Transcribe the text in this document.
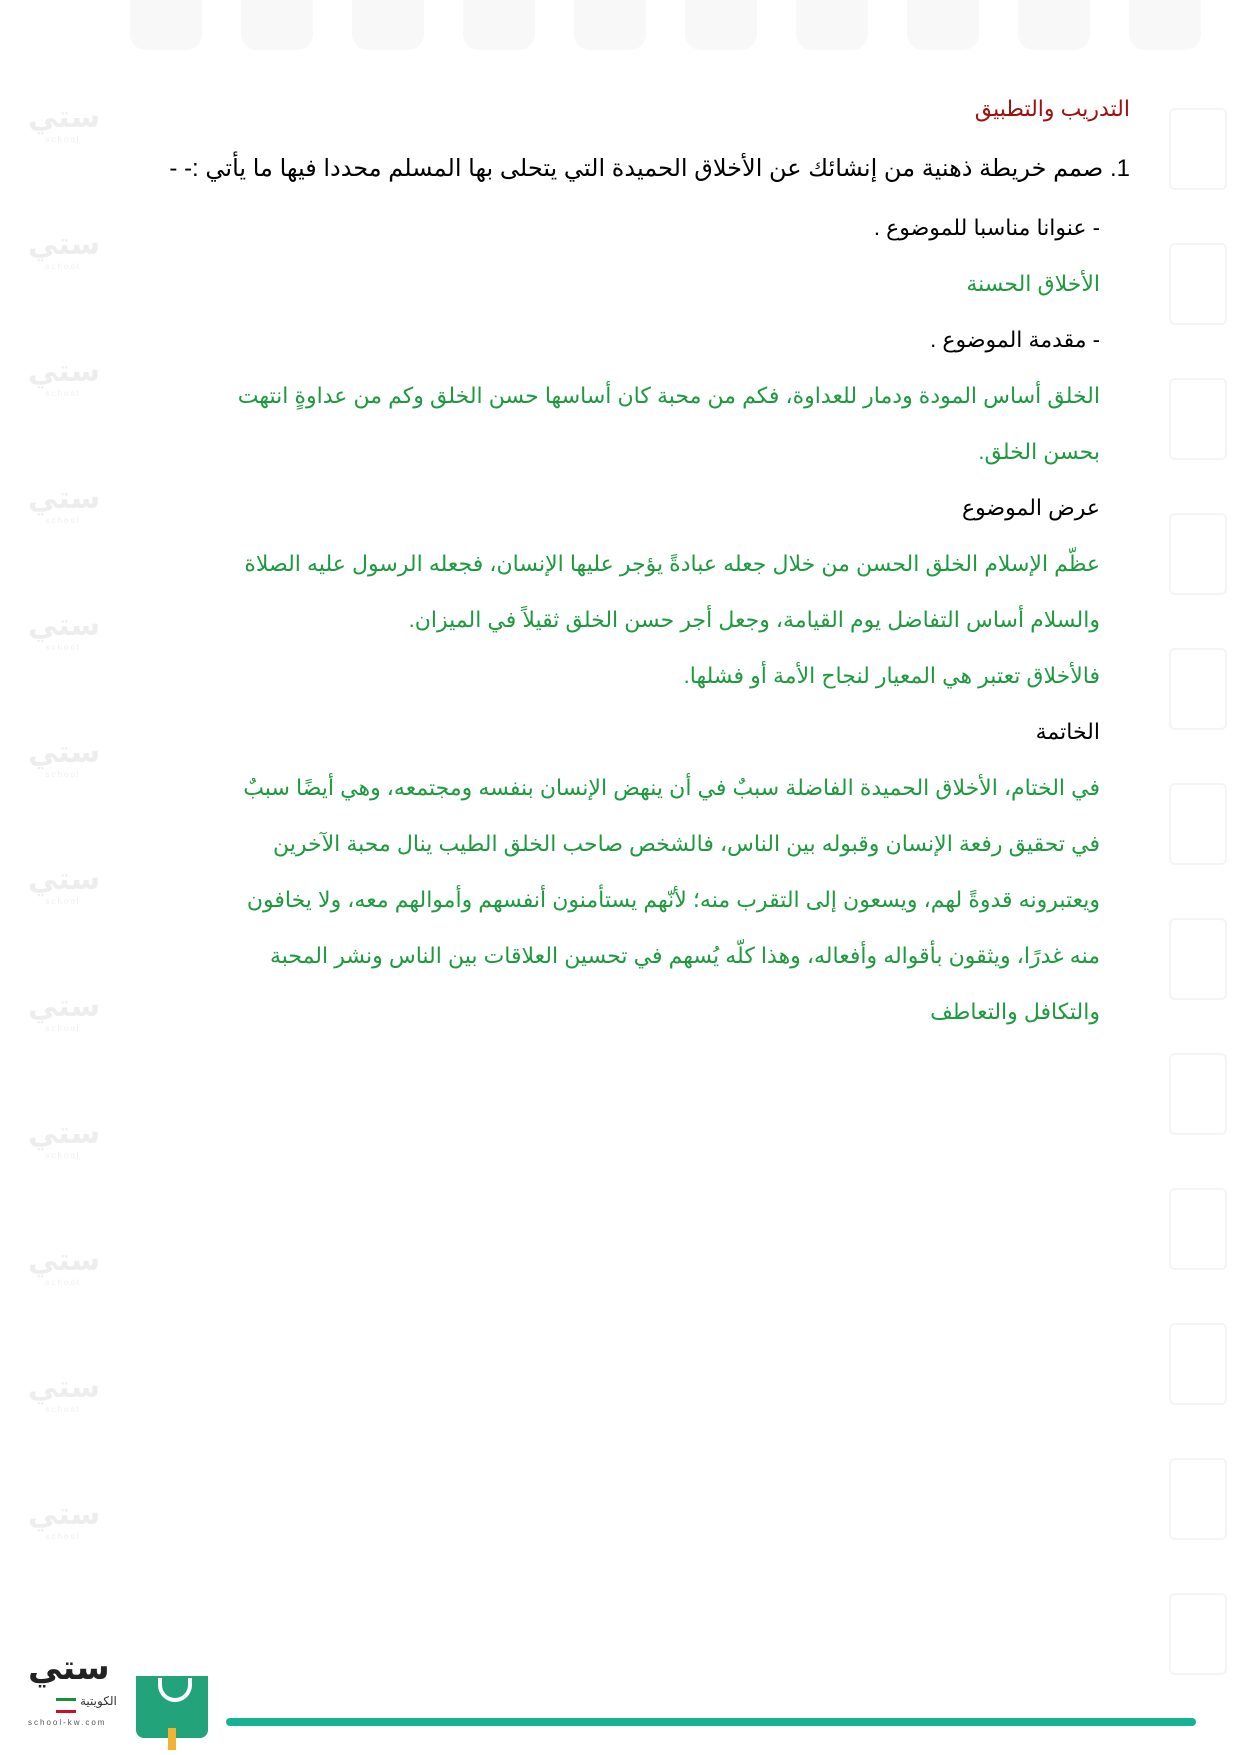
ستي
school
ستي
school
ستي
school
ستي
school
ستي
school
ستي
school
ستي
school
ستي
school
ستي
school
ستي
school
ستي
school
ستي
school
التدريب والتطبيق
1. صمم خريطة ذهنية من إنشائك عن الأخلاق الحميدة التي يتحلى بها المسلم محددا فيها ما يأتي :- -
- عنوانا مناسبا للموضوع .
الأخلاق الحسنة
- مقدمة الموضوع .
الخلق أساس المودة ودمار للعداوة، فكم من محبة كان أساسها حسن الخلق وكم من عداوةٍ انتهت
بحسن الخلق.
عرض الموضوع
عظّم الإسلام الخلق الحسن من خلال جعله عبادةً يؤجر عليها الإنسان، فجعله الرسول عليه الصلاة
والسلام أساس التفاضل يوم القيامة، وجعل أجر حسن الخلق ثقيلاً في الميزان.
فالأخلاق تعتبر هي المعيار لنجاح الأمة أو فشلها.
الخاتمة
في الختام، الأخلاق الحميدة الفاضلة سببٌ في أن ينهض الإنسان بنفسه ومجتمعه، وهي أيضًا سببٌ
في تحقيق رفعة الإنسان وقبوله بين الناس، فالشخص صاحب الخلق الطيب ينال محبة الآخرين
ويعتبرونه قدوةً لهم، ويسعون إلى التقرب منه؛ لأنّهم يستأمنون أنفسهم وأموالهم معه، ولا يخافون
منه غدرًا، ويثقون بأقواله وأفعاله، وهذا كلّه يُسهم في تحسين العلاقات بين الناس ونشر المحبة
والتكافل والتعاطف
ستي
الكويتية
school-kw.com
